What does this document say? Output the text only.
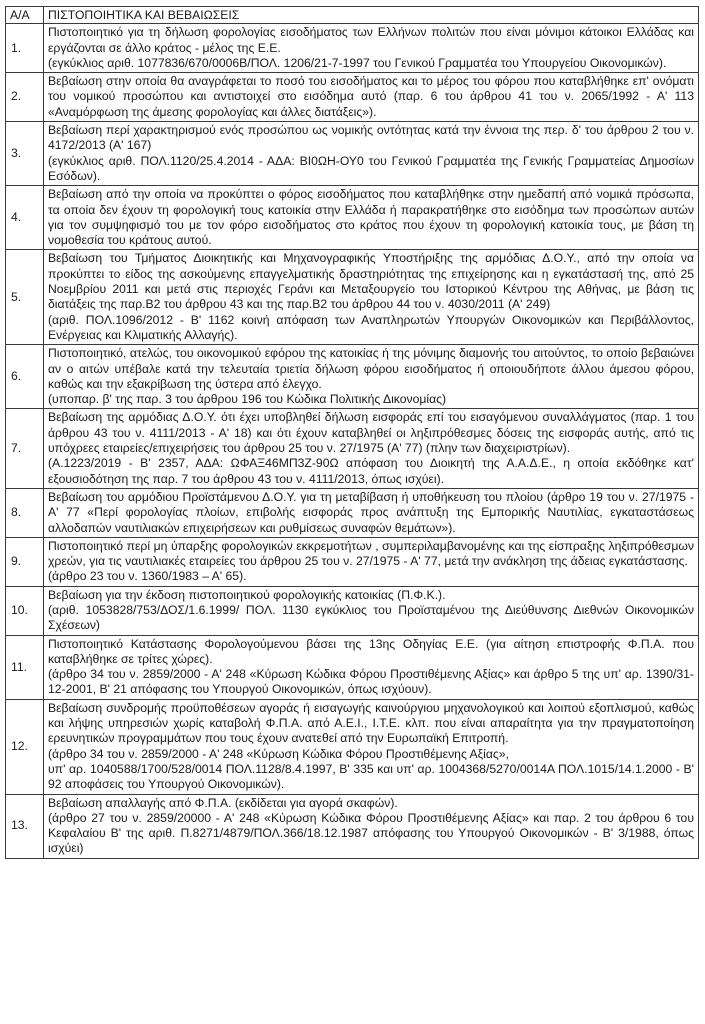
Α/Α	ΠΙΣΤΟΠΟΙΗΤΙΚΑ ΚΑΙ ΒΕΒΑΙΩΣΕΙΣ
1.	Πιστοποιητικό για τη δήλωση φορολογίας εισοδήματος των Ελλήνων πολιτών που είναι μόνιμοι κάτοικοι Ελλάδας και εργάζονται σε άλλο κράτος - μέλος της Ε.Ε.
(εγκύκλιος αριθ. 1077836/670/0006Β/ΠΟΛ. 1206/21-7-1997 του Γενικού Γραμματέα του Υπουργείου Οικονομικών).

2.	Βεβαίωση στην οποία θα αναγράφεται το ποσό του εισοδήματος και το μέρος του φόρου που καταβλήθηκε επ' ονόματι του νομικού προσώπου και αντιστοιχεί στο εισόδημα αυτό (παρ. 6 του άρθρου 41 του ν. 2065/1992 - Α' 113 «Αναμόρφωση της άμεσης φορολογίας και άλλες διατάξεις»).

3.	Βεβαίωση περί χαρακτηρισμού ενός προσώπου ως νομικής οντότητας κατά την έννοια της περ. δ' του άρθρου 2 του ν. 4172/2013 (Α' 167)
(εγκύκλιος αριθ. ΠΟΛ.1120/25.4.2014 - ΑΔΑ: ΒΙ0ΩΗ-ΟΥ0 του Γενικού Γραμματέα της Γενικής Γραμματείας Δημοσίων Εσόδων).

4.	Βεβαίωση από την οποία να προκύπτει ο φόρος εισοδήματος που καταβλήθηκε στην ημεδαπή από νομικά πρόσωπα, τα οποία δεν έχουν τη φορολογική τους κατοικία στην Ελλάδα ή παρακρατήθηκε στο εισόδημα των προσώπων αυτών για τον συμψηφισμό του με τον φόρο εισοδήματος στο κράτος που έχουν τη φορολογική κατοικία τους, με βάση τη νομοθεσία του κράτους αυτού.

5.	Βεβαίωση του Τμήματος Διοικητικής και Μηχανογραφικής Υποστήριξης της αρμόδιας Δ.Ο.Υ., από την οποία να προκύπτει το είδος της ασκούμενης επαγγελματικής δραστηριότητας της επιχείρησης και η εγκατάστασή της, από 25 Νοεμβρίου 2011 και μετά στις περιοχές Γεράνι και Μεταξουργείο του Ιστορικού Κέντρου της Αθήνας, με βάση τις διατάξεις της παρ.Β2 του άρθρου 43 και της παρ.Β2 του άρθρου 44 του ν. 4030/2011 (Α' 249)
(αριθ. ΠΟΛ.1096/2012 - Β' 1162 κοινή απόφαση των Αναπληρωτών Υπουργών Οικονομικών και Περιβάλλοντος, Ενέργειας και Κλιματικής Αλλαγής).

6.	Πιστοποιητικό, ατελώς, του οικονομικού εφόρου της κατοικίας ή της μόνιμης διαμονής του αιτούντος, το οποίο βεβαιώνει αν ο αιτών υπέβαλε κατά την τελευταία τριετία δήλωση φόρου εισοδήματος ή οποιουδήποτε άλλου άμεσου φόρου, καθώς και την εξακρίβωση της ύστερα από έλεγχο.
(υποπαρ. β' της παρ. 3 του άρθρου 196 του Κώδικα Πολιτικής Δικονομίας)

7.	Βεβαίωση της αρμόδιας Δ.Ο.Υ. ότι έχει υποβληθεί δήλωση εισφοράς επί του εισαγόμενου συναλλάγματος (παρ. 1 του άρθρου 43 του ν. 4111/2013 - Α' 18) και ότι έχουν καταβληθεί οι ληξιπρόθεσμες δόσεις της εισφοράς αυτής, από τις υπόχρεες εταιρείες/επιχειρήσεις του άρθρου 25 του ν. 27/1975 (Α' 77) (πλην των διαχειριστρίων).
(Α.1223/2019 - Β' 2357, ΑΔΑ: ΩΦΑΞ46ΜΠ3Ζ-90Ω απόφαση του Διοικητή της Α.Α.Δ.Ε., η οποία εκδόθηκε κατ' εξουσιοδότηση της παρ. 7 του άρθρου 43 του ν. 4111/2013, όπως ισχύει).

8.	Βεβαίωση του αρμόδιου Προϊστάμενου Δ.Ο.Υ. για τη μεταβίβαση ή υποθήκευση του πλοίου (άρθρο 19 του ν. 27/1975 - Α' 77 «Περί φορολογίας πλοίων, επιβολής εισφοράς προς ανάπτυξη της Εμπορικής Ναυτιλίας, εγκαταστάσεως αλλοδαπών ναυτιλιακών επιχειρήσεων και ρυθμίσεως συναφών θεμάτων»).

9.	Πιστοποιητικό περί μη ύπαρξης φορολογικών εκκρεμοτήτων , συμπεριλαμβανομένης και της είσπραξης ληξιπρόθεσμων χρεών, για τις ναυτιλιακές εταιρείες του άρθρου 25 του ν. 27/1975 - Α' 77, μετά την ανάκληση της άδειας εγκατάστασης.
(άρθρο 23 του ν. 1360/1983 – Α' 65).

10.	Βεβαίωση για την έκδοση πιστοποιητικού φορολογικής κατοικίας (Π.Φ.Κ.).
(αριθ. 1053828/753/ΔΟΣ/1.6.1999/ ΠΟΛ. 1130 εγκύκλιος του Προϊσταμένου της Διεύθυνσης Διεθνών Οικονομικών Σχέσεων)

11.	Πιστοποιητικό Κατάστασης Φορολογούμενου βάσει της 13ης Οδηγίας Ε.Ε. (για αίτηση επιστροφής Φ.Π.Α. που καταβλήθηκε σε τρίτες χώρες).
(άρθρο 34 του ν. 2859/2000 - Α' 248 «Κύρωση Κώδικα Φόρου Προστιθέμενης Αξίας» και άρθρο 5 της υπ' αρ. 1390/31-12-2001, Β' 21 απόφασης του Υπουργού Οικονομικών, όπως ισχύουν).

12.	Βεβαίωση συνδρομής προϋποθέσεων αγοράς ή εισαγωγής καινούργιου μηχανολογικού και λοιπού εξοπλισμού, καθώς και λήψης υπηρεσιών χωρίς καταβολή Φ.Π.Α. από Α.Ε.Ι., Ι.Τ.Ε. κλπ. που είναι απαραίτητα για την πραγματοποίηση ερευνητικών προγραμμάτων που τους έχουν ανατεθεί από την Ευρωπαϊκή Επιτροπή.
(άρθρο 34 του ν. 2859/2000 - Α' 248 «Κύρωση Κώδικα Φόρου Προστιθέμενης Αξίας»,
υπ' αρ. 1040588/1700/528/0014 ΠΟΛ.1128/8.4.1997, Β' 335 και υπ' αρ. 1004368/5270/0014Α ΠΟΛ.1015/14.1.2000 - Β' 92 αποφάσεις του Υπουργού Οικονομικών).

13.	Βεβαίωση απαλλαγής από Φ.Π.Α. (εκδίδεται για αγορά σκαφών).
(άρθρο 27 του ν. 2859/20000 - Α' 248 «Κύρωση Κώδικα Φόρου Προστιθέμενης Αξίας» και παρ. 2 του άρθρου 6 του Κεφαλαίου Β' της αριθ. Π.8271/4879/ΠΟΛ.366/18.12.1987 απόφασης του Υπουργού Οικονομικών - Β' 3/1988, όπως ισχύει)
